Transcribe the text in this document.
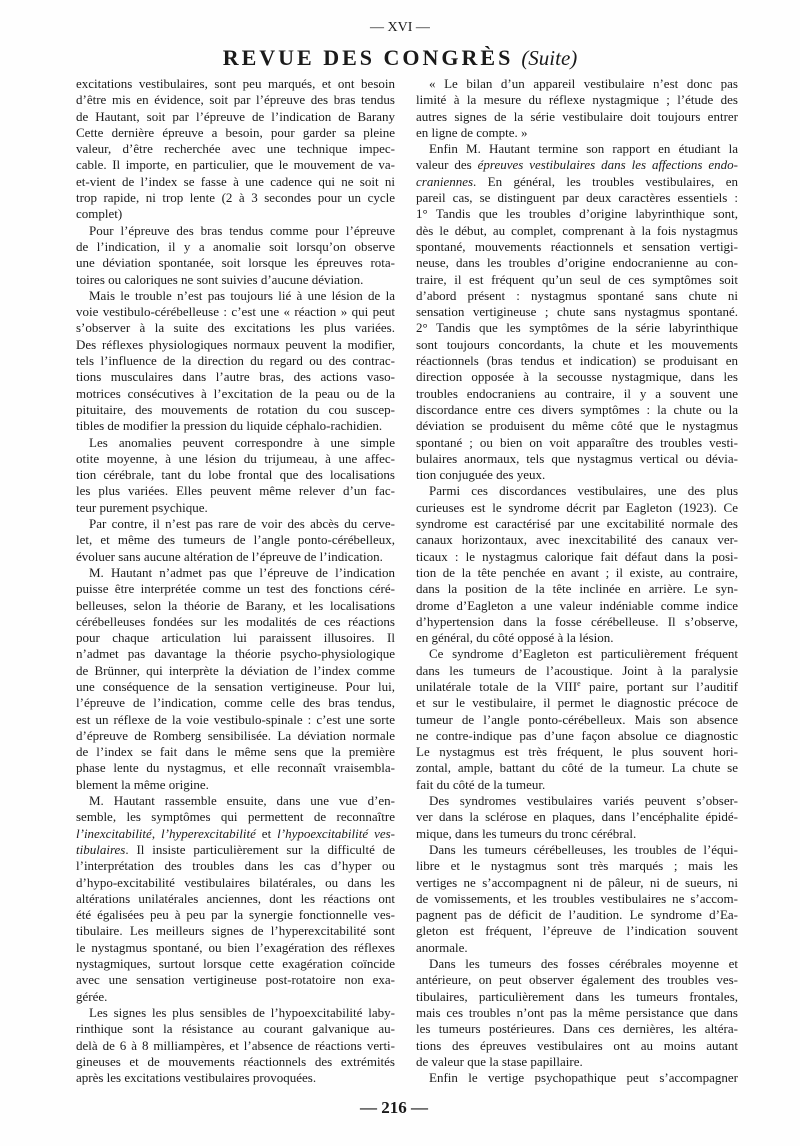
— XVI —
REVUE DES CONGRÈS (Suite)
excitations vestibulaires, sont peu marqués, et ont besoin
d’être mis en évidence, soit par l’épreuve des bras tendus
de Hautant, soit par l’épreuve de l’indication de Barany
Cette dernière épreuve a besoin, pour garder sa pleine
valeur, d’être recherchée avec une technique impec-
cable. Il importe, en particulier, que le mouvement de va-
et-vient de l’index se fasse à une cadence qui ne soit ni
trop rapide, ni trop lente (2 à 3 secondes pour un cycle
complet)
Pour l’épreuve des bras tendus comme pour l’épreuve
de l’indication, il y a anomalie soit lorsqu’on observe
une déviation spontanée, soit lorsque les épreuves rota-
toires ou caloriques ne sont suivies d’aucune déviation.
Mais le trouble n’est pas toujours lié à une lésion de la
voie vestibulo-cérébelleuse : c’est une « réaction » qui peut
s’observer à la suite des excitations les plus variées.
Des réflexes physiologiques normaux peuvent la modifier,
tels l’influence de la direction du regard ou des contrac-
tions musculaires dans l’autre bras, des actions vaso-
motrices consécutives à l’excitation de la peau ou de la
pituitaire, des mouvements de rotation du cou suscep-
tibles de modifier la pression du liquide céphalo-rachidien.
Les anomalies peuvent correspondre à une simple
otite moyenne, à une lésion du trijumeau, à une affec-
tion cérébrale, tant du lobe frontal que des localisations
les plus variées. Elles peuvent même relever d’un fac-
teur purement psychique.
Par contre, il n’est pas rare de voir des abcès du cerve-
let, et même des tumeurs de l’angle ponto-cérébelleux,
évoluer sans aucune altération de l’épreuve de l’indication.
M. Hautant n’admet pas que l’épreuve de l’indication
puisse être interprétée comme un test des fonctions céré-
belleuses, selon la théorie de Barany, et les localisations
cérébelleuses fondées sur les modalités de ces réactions
pour chaque articulation lui paraissent illusoires. Il
n’admet pas davantage la théorie psycho-physiologique
de Brünner, qui interprète la déviation de l’index comme
une conséquence de la sensation vertigineuse. Pour lui,
l’épreuve de l’indication, comme celle des bras tendus,
est un réflexe de la voie vestibulo-spinale : c’est une sorte
d’épreuve de Romberg sensibilisée. La déviation normale
de l’index se fait dans le même sens que la première
phase lente du nystagmus, et elle reconnaît vraisembla-
blement la même origine.
M. Hautant rassemble ensuite, dans une vue d’en-
semble, les symptômes qui permettent de reconnaître
l’inexcitabilité, l’hyperexcitabilité et l’hypoexcitabilité ves-
tibulaires. Il insiste particulièrement sur la difficulté de
l’interprétation des troubles dans les cas d’hyper ou
d’hypo-excitabilité vestibulaires bilatérales, ou dans les
altérations unilatérales anciennes, dont les réactions ont
été égalisées peu à peu par la synergie fonctionnelle ves-
tibulaire. Les meilleurs signes de l’hyperexcitabilité sont
le nystagmus spontané, ou bien l’exagération des réflexes
nystagmiques, surtout lorsque cette exagération coïncide
avec une sensation vertigineuse post-rotatoire non exa-
gérée.
Les signes les plus sensibles de l’hypoexcitabilité laby-
rinthique sont la résistance au courant galvanique au-
delà de 6 à 8 milliampères, et l’absence de réactions verti-
gineuses et de mouvements réactionnels des extrémités
après les excitations vestibulaires provoquées.
« Le bilan d’un appareil vestibulaire n’est donc pas
limité à la mesure du réflexe nystagmique ; l’étude des
autres signes de la série vestibulaire doit toujours entrer
en ligne de compte. »
Enfin M. Hautant termine son rapport en étudiant la
valeur des épreuves vestibulaires dans les affections endo-
craniennes. En général, les troubles vestibulaires, en
pareil cas, se distinguent par deux caractères essentiels :
1° Tandis que les troubles d’origine labyrinthique sont,
dès le début, au complet, comprenant à la fois nystagmus
spontané, mouvements réactionnels et sensation vertigi-
neuse, dans les troubles d’origine endocranienne au con-
traire, il est fréquent qu’un seul de ces symptômes soit
d’abord présent : nystagmus spontané sans chute ni
sensation vertigineuse ; chute sans nystagmus spontané.
2° Tandis que les symptômes de la série labyrinthique
sont toujours concordants, la chute et les mouvements
réactionnels (bras tendus et indication) se produisant en
direction opposée à la secousse nystagmique, dans les
troubles endocraniens au contraire, il y a souvent une
discordance entre ces divers symptômes : la chute ou la
déviation se produisent du même côté que le nystagmus
spontané ; ou bien on voit apparaître des troubles vesti-
bulaires anormaux, tels que nystagmus vertical ou dévia-
tion conjuguée des yeux.
Parmi ces discordances vestibulaires, une des plus
curieuses est le syndrome décrit par Eagleton (1923). Ce
syndrome est caractérisé par une excitabilité normale des
canaux horizontaux, avec inexcitabilité des canaux ver-
ticaux : le nystagmus calorique fait défaut dans la posi-
tion de la tête penchée en avant ; il existe, au contraire,
dans la position de la tête inclinée en arrière. Le syn-
drome d’Eagleton a une valeur indéniable comme indice
d’hypertension dans la fosse cérébelleuse. Il s’observe,
en général, du côté opposé à la lésion.
Ce syndrome d’Eagleton est particulièrement fréquent
dans les tumeurs de l’acoustique. Joint à la paralysie
unilatérale totale de la VIIIe paire, portant sur l’auditif
et sur le vestibulaire, il permet le diagnostic précoce de
tumeur de l’angle ponto-cérébelleux. Mais son absence
ne contre-indique pas d’une façon absolue ce diagnostic
Le nystagmus est très fréquent, le plus souvent hori-
zontal, ample, battant du côté de la tumeur. La chute se
fait du côté de la tumeur.
Des syndromes vestibulaires variés peuvent s’obser-
ver dans la sclérose en plaques, dans l’encéphalite épidé-
mique, dans les tumeurs du tronc cérébral.
Dans les tumeurs cérébelleuses, les troubles de l’équi-
libre et le nystagmus sont très marqués ; mais les
vertiges ne s’accompagnent ni de pâleur, ni de sueurs, ni
de vomissements, et les troubles vestibulaires ne s’accom-
pagnent pas de déficit de l’audition. Le syndrome d’Ea-
gleton est fréquent, l’épreuve de l’indication souvent
anormale.
Dans les tumeurs des fosses cérébrales moyenne et
antérieure, on peut observer également des troubles ves-
tibulaires, particulièrement dans les tumeurs frontales,
mais ces troubles n’ont pas la même persistance que dans
les tumeurs postérieures. Dans ces dernières, les altéra-
tions des épreuves vestibulaires ont au moins autant
de valeur que la stase papillaire.
Enfin le vertige psychopathique peut s’accompagner
— 216 —
